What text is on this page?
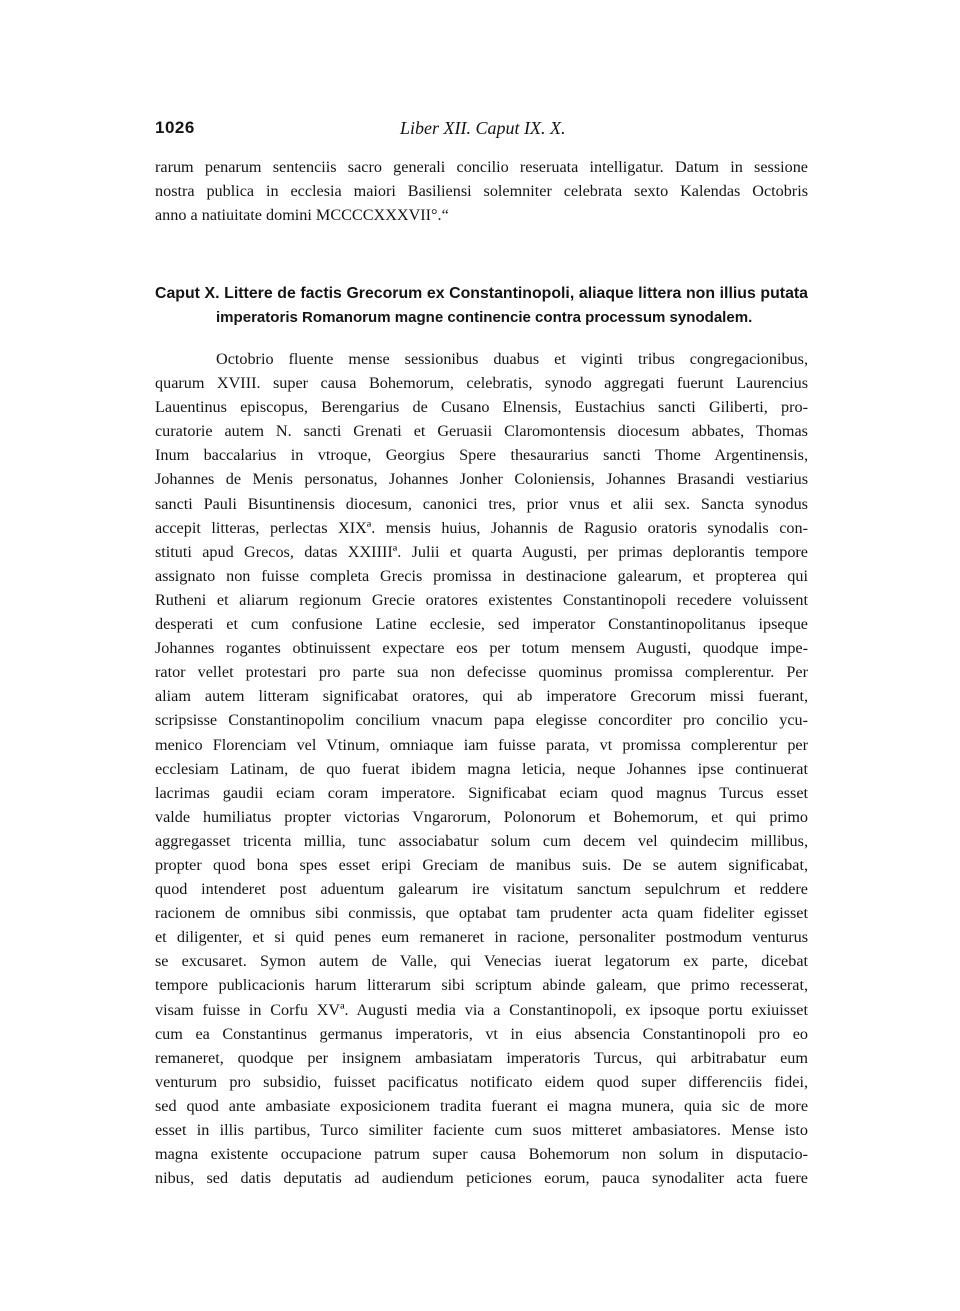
1026	Liber XII. Caput IX. X.
rarum penarum sentenciis sacro generali concilio reseruata intelligatur. Datum in sessione
nostra publica in ecclesia maiori Basiliensi solemniter celebrata sexto Kalendas Octobris
anno a natiuitate domini MCCCCXXXVII°.“
Caput X. Littere de factis Grecorum ex Constantinopoli, aliaque littera non illius putata
imperatoris Romanorum magne continencie contra processum synodalem.
Octobrio fluente mense sessionibus duabus et viginti tribus congregacionibus,
quarum XVIII. super causa Bohemorum, celebratis, synodo aggregati fuerunt Laurencius
Lauentinus episcopus, Berengarius de Cusano Elnensis, Eustachius sancti Giliberti, pro-
curatorie autem N. sancti Grenati et Geruasii Claromontensis diocesum abbates, Thomas
Inum baccalarius in vtroque, Georgius Spere thesaurarius sancti Thome Argentinensis,
Johannes de Menis personatus, Johannes Jonher Coloniensis, Johannes Brasandi vestiarius
sancti Pauli Bisuntinensis diocesum, canonici tres, prior vnus et alii sex. Sancta synodus
accepit litteras, perlectas XIXª. mensis huius, Johannis de Ragusio oratoris synodalis con-
stituti apud Grecos, datas XXIIIIª. Julii et quarta Augusti, per primas deplorantis tempore
assignato non fuisse completa Grecis promissa in destinacione galearum, et propterea qui
Rutheni et aliarum regionum Grecie oratores existentes Constantinopoli recedere voluissent
desperati et cum confusione Latine ecclesie, sed imperator Constantinopolitanus ipseque
Johannes rogantes obtinuissent expectare eos per totum mensem Augusti, quodque impe-
rator vellet protestari pro parte sua non defecisse quominus promissa complerentur. Per
aliam autem litteram significabat oratores, qui ab imperatore Grecorum missi fuerant,
scripsisse Constantinopolim concilium vnacum papa elegisse concorditer pro concilio ycu-
menico Florenciam vel Vtinum, omniaque iam fuisse parata, vt promissa complerentur per
ecclesiam Latinam, de quo fuerat ibidem magna leticia, neque Johannes ipse continuerat
lacrimas gaudii eciam coram imperatore. Significabat eciam quod magnus Turcus esset
valde humiliatus propter victorias Vngarorum, Polonorum et Bohemorum, et qui primo
aggregasset tricenta millia, tunc associabatur solum cum decem vel quindecim millibus,
propter quod bona spes esset eripi Greciam de manibus suis. De se autem significabat,
quod intenderet post aduentum galearum ire visitatum sanctum sepulchrum et reddere
racionem de omnibus sibi conmissis, que optabat tam prudenter acta quam fideliter egisset
et diligenter, et si quid penes eum remaneret in racione, personaliter postmodum venturus
se excusaret. Symon autem de Valle, qui Venecias iuerat legatorum ex parte, dicebat
tempore publicacionis harum litterarum sibi scriptum abinde galeam, que primo recesserat,
visam fuisse in Corfu XVª. Augusti media via a Constantinopoli, ex ipsoque portu exiuisset
cum ea Constantinus germanus imperatoris, vt in eius absencia Constantinopoli pro eo
remaneret, quodque per insignem ambasiatam imperatoris Turcus, qui arbitrabatur eum
venturum pro subsidio, fuisset pacificatus notificato eidem quod super differenciis fidei,
sed quod ante ambasiate exposicionem tradita fuerant ei magna munera, quia sic de more
esset in illis partibus, Turco similiter faciente cum suos mitteret ambasiatores. Mense isto
magna existente occupacione patrum super causa Bohemorum non solum in disputacio-
nibus, sed datis deputatis ad audiendum peticiones eorum, pauca synodaliter acta fuere
